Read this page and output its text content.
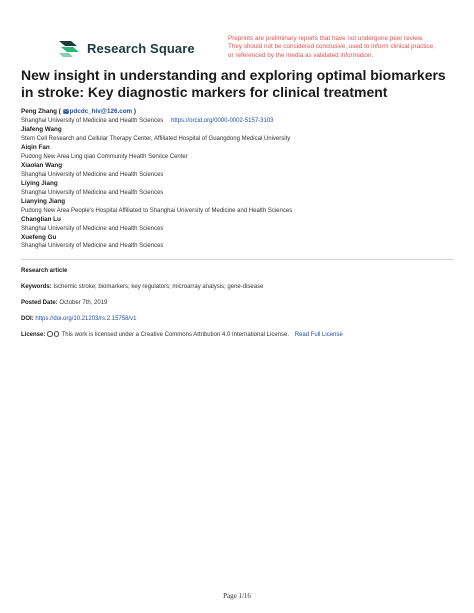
Research Square
Preprints are preliminary reports that have not undergone peer review.
They should not be considered conclusive, used to inform clinical practice,
or referenced by the media as validated information.
New insight in understanding and exploring optimal biomarkers in stroke: Key diagnostic markers for clinical treatment
Peng Zhang ( pdcdc_hiv@126.com )
Shanghai University of Medicine and Health Sciences https://orcid.org/0000-0002-5157-3103
Jiafeng Wang
Stem Cell Research and Cellular Therapy Center, Affiliated Hospital of Guangdong Medical University
Aiqin Fan
Pudong New Area Ling qiao Community Health Service Center
Xiaolan Wang
Shanghai University of Medicine and Health Sciences
Liying Jiang
Shanghai University of Medicine and Health Sciences
Lianying Jiang
Pudong New Area People's Hospital Affiliated to Shanghai University of Medicine and Health Sciences
Changlian Lu
Shanghai University of Medicine and Health Sciences
Xuefeng Gu
Shanghai University of Medicine and Health Sciences
Research article
Keywords: Ischemic stroke; biomarkers; key regulators; microarray analysis; gene-disease
Posted Date: October 7th, 2019
DOI: https://doi.org/10.21203/rs.2.15758/v1
License:	This work is licensed under a Creative Commons Attribution 4.0 International License. Read Full License
Page 1/16
